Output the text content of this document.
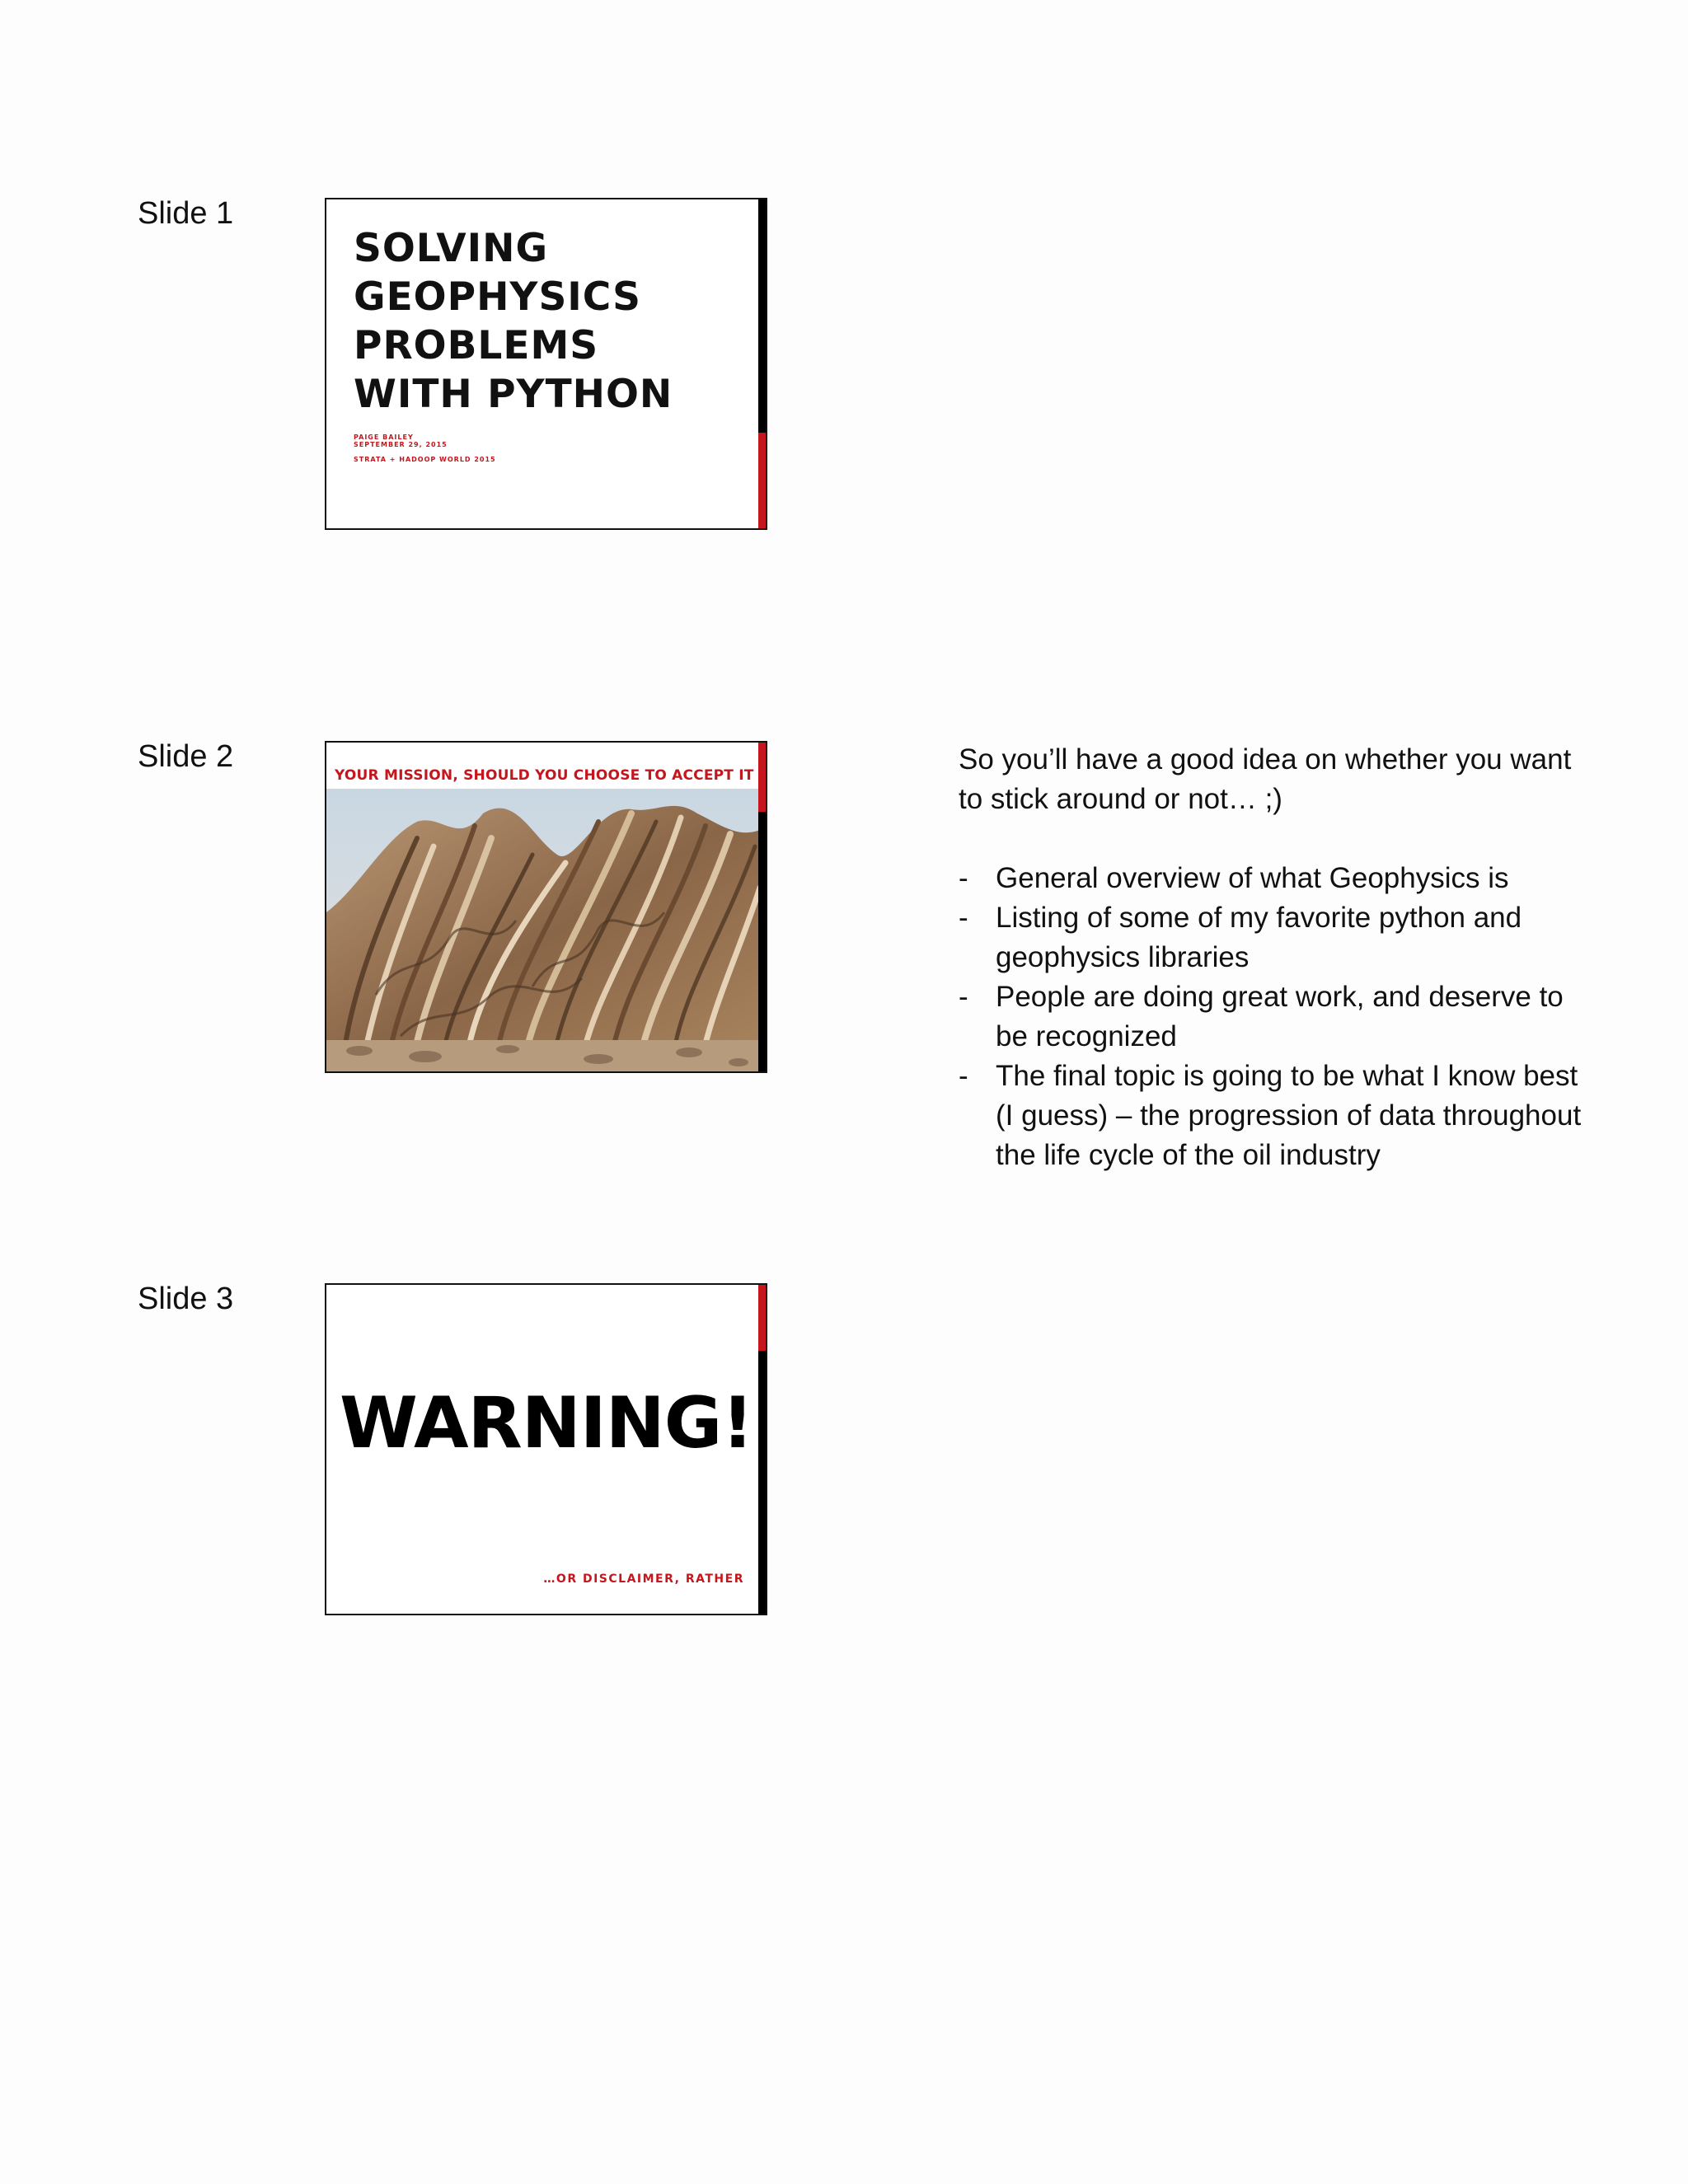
Slide 1
SOLVING
GEOPHYSICS
PROBLEMS
WITH PYTHON
PAIGE BAILEY
SEPTEMBER 29, 2015
STRATA + HADOOP WORLD 2015
Slide 2
YOUR MISSION, SHOULD YOU CHOOSE TO ACCEPT IT
Slide 3
WARNING!
…OR DISCLAIMER, RATHER

So you’ll have a good idea on whether you want to stick around or not… ;)

- General overview of what Geophysics is
- Listing of some of my favorite python and geophysics libraries
- People are doing great work, and deserve to be recognized
- The final topic is going to be what I know best (I guess) – the progression of data throughout the life cycle of the oil industry
